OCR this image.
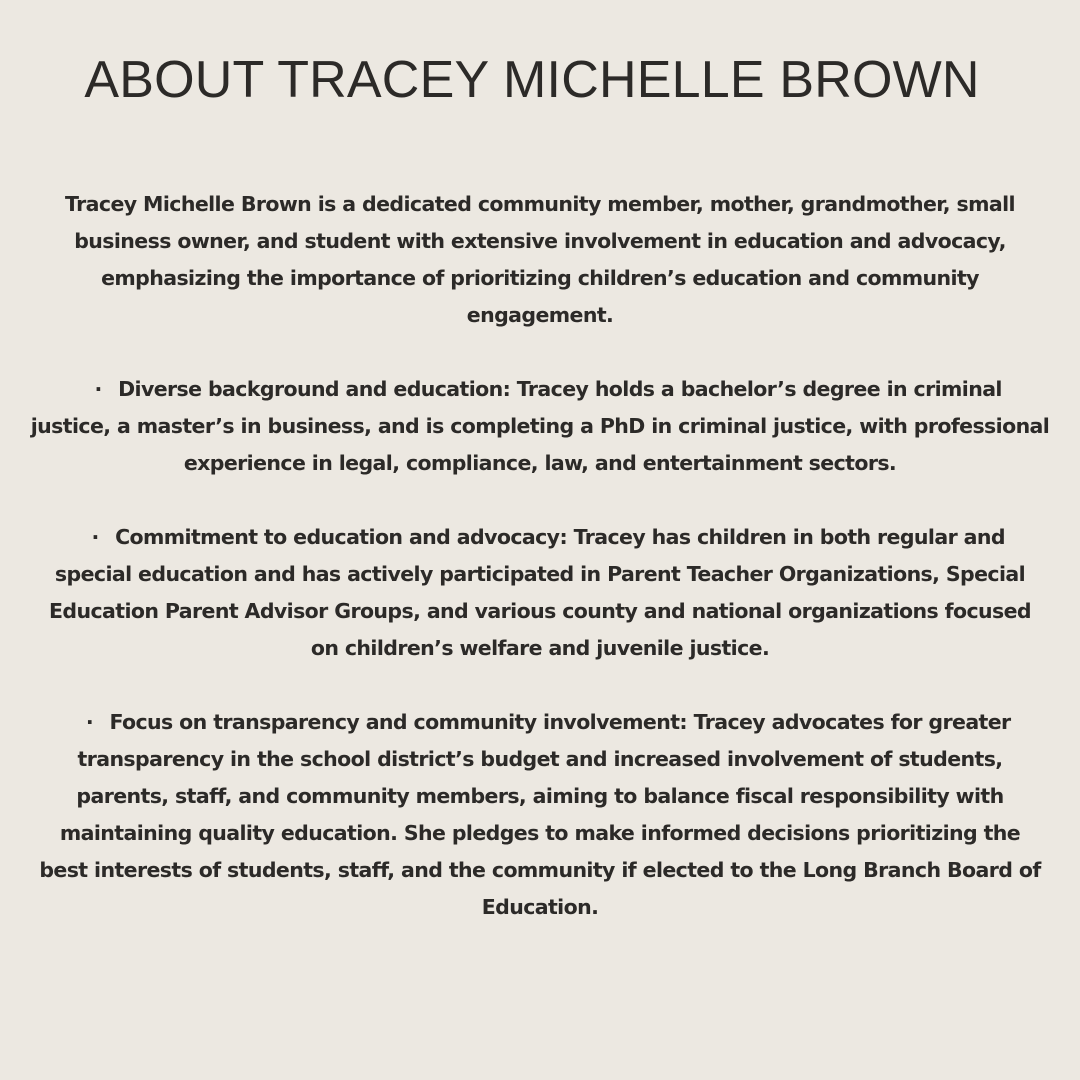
ABOUT TRACEY MICHELLE BROWN

Tracey Michelle Brown is a dedicated community member, mother, grandmother, small
business owner, and student with extensive involvement in education and advocacy,
emphasizing the importance of prioritizing children’s education and community
engagement.

· Diverse background and education: Tracey holds a bachelor’s degree in criminal
justice, a master’s in business, and is completing a PhD in criminal justice, with professional
experience in legal, compliance, law, and entertainment sectors.

· Commitment to education and advocacy: Tracey has children in both regular and
special education and has actively participated in Parent Teacher Organizations, Special
Education Parent Advisor Groups, and various county and national organizations focused
on children’s welfare and juvenile justice.

· Focus on transparency and community involvement: Tracey advocates for greater
transparency in the school district’s budget and increased involvement of students,
parents, staff, and community members, aiming to balance fiscal responsibility with
maintaining quality education. She pledges to make informed decisions prioritizing the
best interests of students, staff, and the community if elected to the Long Branch Board of
Education.
